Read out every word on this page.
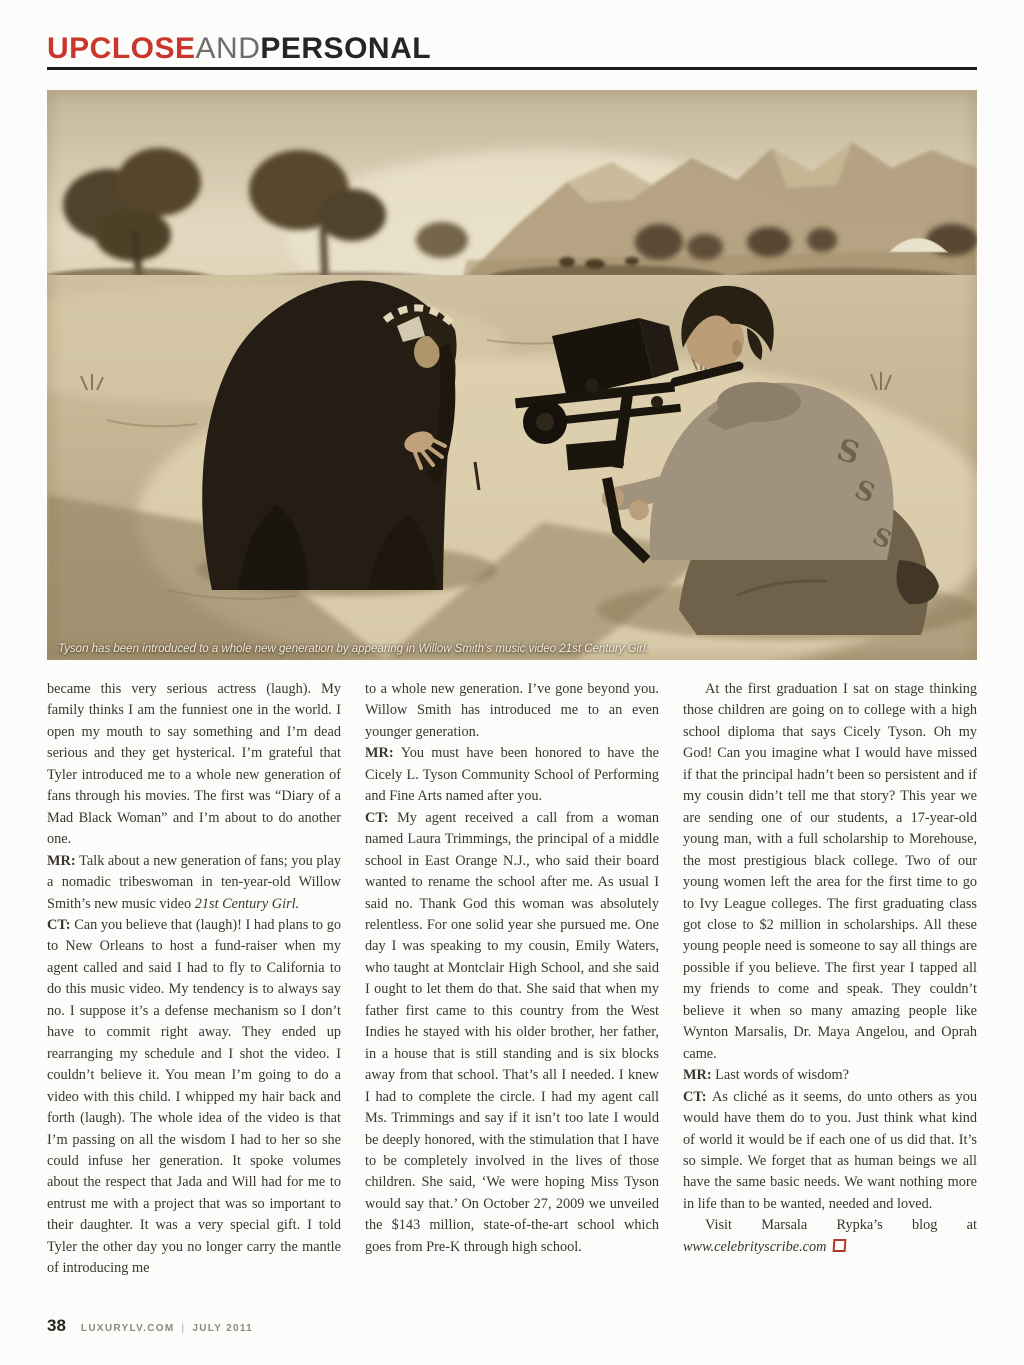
UPCLOSEANDPERSONAL
S
S
S
Tyson has been introduced to a whole new generation by appearing in Willow Smith’s music video 21st Century Girl.

became this very serious actress (laugh). My family thinks I am the funniest one in the world. I open my mouth to say something and I’m dead serious and they get hysterical. I’m grateful that Tyler introduced me to a whole new generation of fans through his movies. The first was “Diary of a Mad Black Woman” and I’m about to do another one.

MR: Talk about a new generation of fans; you play a nomadic tribeswoman in ten-year-old Willow Smith’s new music video 21st Century Girl.

CT: Can you believe that (laugh)! I had plans to go to New Orleans to host a fund-raiser when my agent called and said I had to fly to California to do this music video. My tendency is to always say no. I suppose it’s a defense mechanism so I don’t have to commit right away. They ended up rearranging my schedule and I shot the video. I couldn’t believe it. You mean I’m going to do a video with this child. I whipped my hair back and forth (laugh). The whole idea of the video is that I’m passing on all the wisdom I had to her so she could infuse her generation. It spoke volumes about the respect that Jada and Will had for me to entrust me with a project that was so important to their daughter. It was a very special gift. I told Tyler the other day you no longer carry the mantle of introducing me

to a whole new generation. I’ve gone beyond you. Willow Smith has introduced me to an even younger generation.

MR: You must have been honored to have the Cicely L. Tyson Community School of Performing and Fine Arts named after you.

CT: My agent received a call from a woman named Laura Trimmings, the principal of a middle school in East Orange N.J., who said their board wanted to rename the school after me. As usual I said no. Thank God this woman was absolutely relentless. For one solid year she pursued me. One day I was speaking to my cousin, Emily Waters, who taught at Montclair High School, and she said I ought to let them do that. She said that when my father first came to this country from the West Indies he stayed with his older brother, her father, in a house that is still standing and is six blocks away from that school. That’s all I needed. I knew I had to complete the circle. I had my agent call Ms. Trimmings and say if it isn’t too late I would be deeply honored, with the stimulation that I have to be completely involved in the lives of those children. She said, ‘We were hoping Miss Tyson would say that.’ On October 27, 2009 we unveiled the $143 million, state-of-the-art school which goes from Pre-K through high school.

At the first graduation I sat on stage thinking those children are going on to college with a high school diploma that says Cicely Tyson. Oh my God! Can you imagine what I would have missed if that the principal hadn’t been so persistent and if my cousin didn’t tell me that story? This year we are sending one of our students, a 17-year-old young man, with a full scholarship to Morehouse, the most prestigious black college. Two of our young women left the area for the first time to go to Ivy League colleges. The first graduating class got close to $2 million in scholarships. All these young people need is someone to say all things are possible if you believe. The first year I tapped all my friends to come and speak. They couldn’t believe it when so many amazing people like Wynton Marsalis, Dr. Maya Angelou, and Oprah came.

MR: Last words of wisdom?

CT: As cliché as it seems, do unto others as you would have them do to you. Just think what kind of world it would be if each one of us did that. It’s so simple. We forget that as human beings we all have the same basic needs. We want nothing more in life than to be wanted, needed and loved.

Visit Marsala Rypka’s blog at www.celebrityscribe.com

38 LUXURYLV.COM | JULY 2011
